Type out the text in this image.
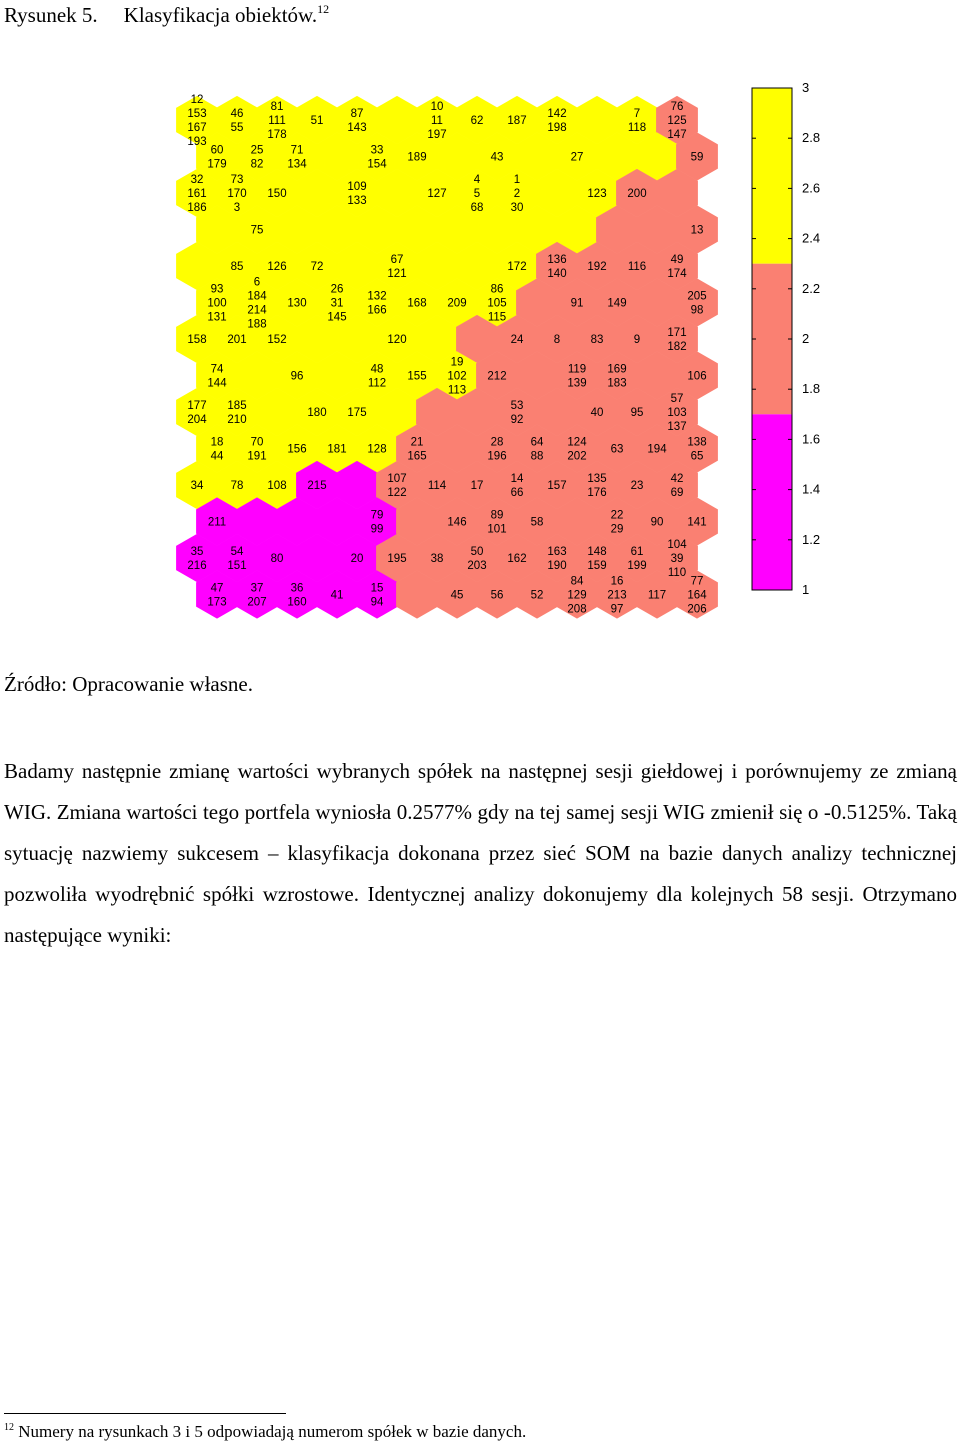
Rysunek 5. Klasyfikacja obiektów.$^{12}$
12 153 167 193
46 55
81 111 178
51
87 143
10 11 197
62 187
142 198
7 118
76 125 147
60 179
25 82
71 134
33 154
189	43	27	59
32 161 186
73 170 3
150
109 133
127
4 5 68
1 2 30
123 200
75	13
85 126 72
67 121
172
136 140
192 116
49 174
93 100 131
6 184 214 188
130
26 31 145
132 166
168 209
86 105 115
91 149
205 98
158 201 152	120	24	8	83	9
171 182
74 144
96
48 112
155
19 102 113
212
119 139
169 183
106
177 204
185 210
180 175
53 92
40 95
57 103 137
18 44
70 191
156 181 128
21 165
28 196
64 88
124 202
63 194
138 65
34 78 108 215
107 122
114 17
14 66
157
135 176
23
42 69
211
79 99
146
89 101
58
22 29
90 141
35 216
54 151
80	20 195 38
50 203
162
163 190
148 159
61 199
104 39 110
47 173
37 207
36 160
41
15 94
45 56 52
84 129 208
16 213 97
117
77 164 206
3
2.8
2.6
2.4
2.2
2
1.8
1.6
1.4
1.2
1
Źródło: Opracowanie własne.

Badamy następnie zmianę wartości wybranych spółek na następnej sesji giełdowej i porównujemy ze zmianą WIG. Zmiana wartości tego portfela wyniosła 0.2577% gdy na tej samej sesji WIG zmienił się o -0.5125%. Taką sytuację nazwiemy sukcesem – klasyfikacja dokonana przez sieć SOM na bazie danych analizy technicznej pozwoliła wyodrębnić spółki wzrostowe. Identycznej analizy dokonujemy dla kolejnych 58 sesji. Otrzymano następujące wyniki:

$^{12}$ Numery na rysunkach 3 i 5 odpowiadają numerom spółek w bazie danych.
